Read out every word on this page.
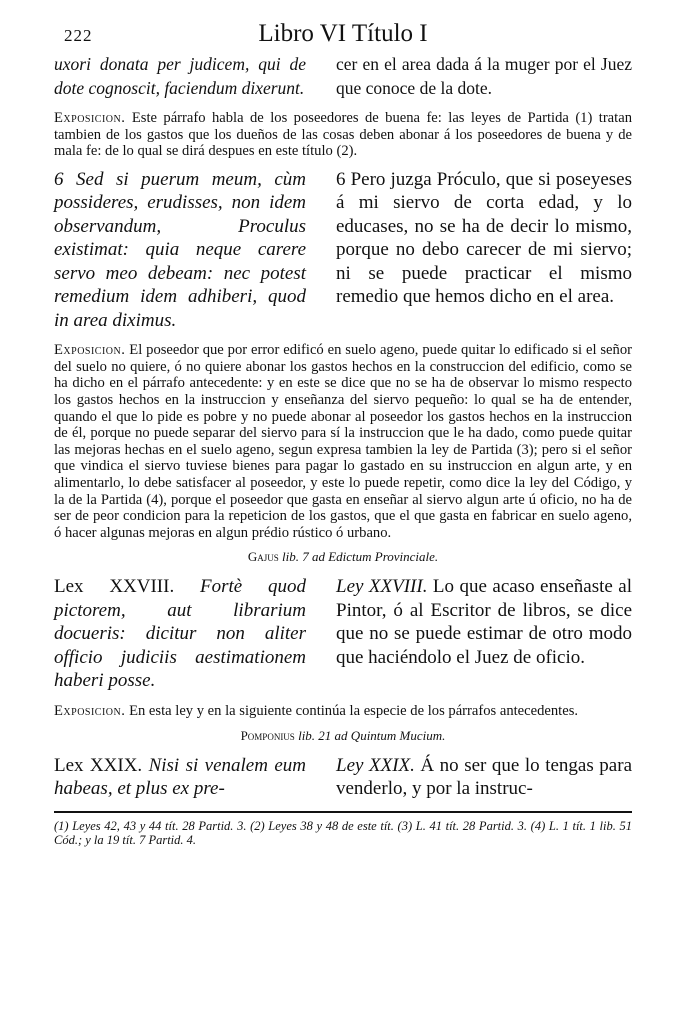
222	Libro VI Título I
uxori donata per judicem, qui de dote cognoscit, faciendum dixerunt.
cer en el area dada á la muger por el Juez que conoce de la dote.
Exposicion. Este párrafo habla de los poseedores de buena fe: las leyes de Partida (1) tratan tambien de los gastos que los dueños de las cosas deben abonar á los poseedores de buena y de mala fe: de lo qual se dirá despues en este título (2).
6 Sed si puerum meum, cùm possideres, erudisses, non idem observandum, Proculus existimat: quia neque carere servo meo debeam: nec potest remedium idem adhiberi, quod in area diximus.
6 Pero juzga Próculo, que si poseyeses á mi siervo de corta edad, y lo educases, no se ha de decir lo mismo, porque no debo carecer de mi siervo; ni se puede practicar el mismo remedio que hemos dicho en el area.
Exposicion. El poseedor que por error edificó en suelo ageno, puede quitar lo edificado si el señor del suelo no quiere, ó no quiere abonar los gastos hechos en la construccion del edificio, como se ha dicho en el párrafo antecedente: y en este se dice que no se ha de observar lo mismo respecto los gastos hechos en la instruccion y enseñanza del siervo pequeño: lo qual se ha de entender, quando el que lo pide es pobre y no puede abonar al poseedor los gastos hechos en la instruccion de él, porque no puede separar del siervo para sí la instruccion que le ha dado, como puede quitar las mejoras hechas en el suelo ageno, segun expresa tambien la ley de Partida (3); pero si el señor que vindica el siervo tuviese bienes para pagar lo gastado en su instruccion en algun arte, y en alimentarlo, lo debe satisfacer al poseedor, y este lo puede repetir, como dice la ley del Código, y la de la Partida (4), porque el poseedor que gasta en enseñar al siervo algun arte ú oficio, no ha de ser de peor condicion para la repeticion de los gastos, que el que gasta en fabricar en suelo ageno, ó hacer algunas mejoras en algun prédio rústico ó urbano.
Gajus lib. 7 ad Edictum Provinciale.
Lex XXVIII. Fortè quod pictorem, aut librarium docueris: dicitur non aliter officio judiciis aestimationem haberi posse.
Ley XXVIII. Lo que acaso enseñaste al Pintor, ó al Escritor de libros, se dice que no se puede estimar de otro modo que haciéndolo el Juez de oficio.
Exposicion. En esta ley y en la siguiente continúa la especie de los párrafos antecedentes.
Pomponius lib. 21 ad Quintum Mucium.
Lex XXIX. Nisi si venalem eum habeas, et plus ex pre-
Ley XXIX. Á no ser que lo tengas para venderlo, y por la instruc-
(1) Leyes 42, 43 y 44 tít. 28 Partid. 3. (2) Leyes 38 y 48 de este tít. (3) L. 41 tít. 28 Partid. 3. (4) L. 1 tít. 1 lib. 51 Cód.; y la 19 tít. 7 Partid. 4.
